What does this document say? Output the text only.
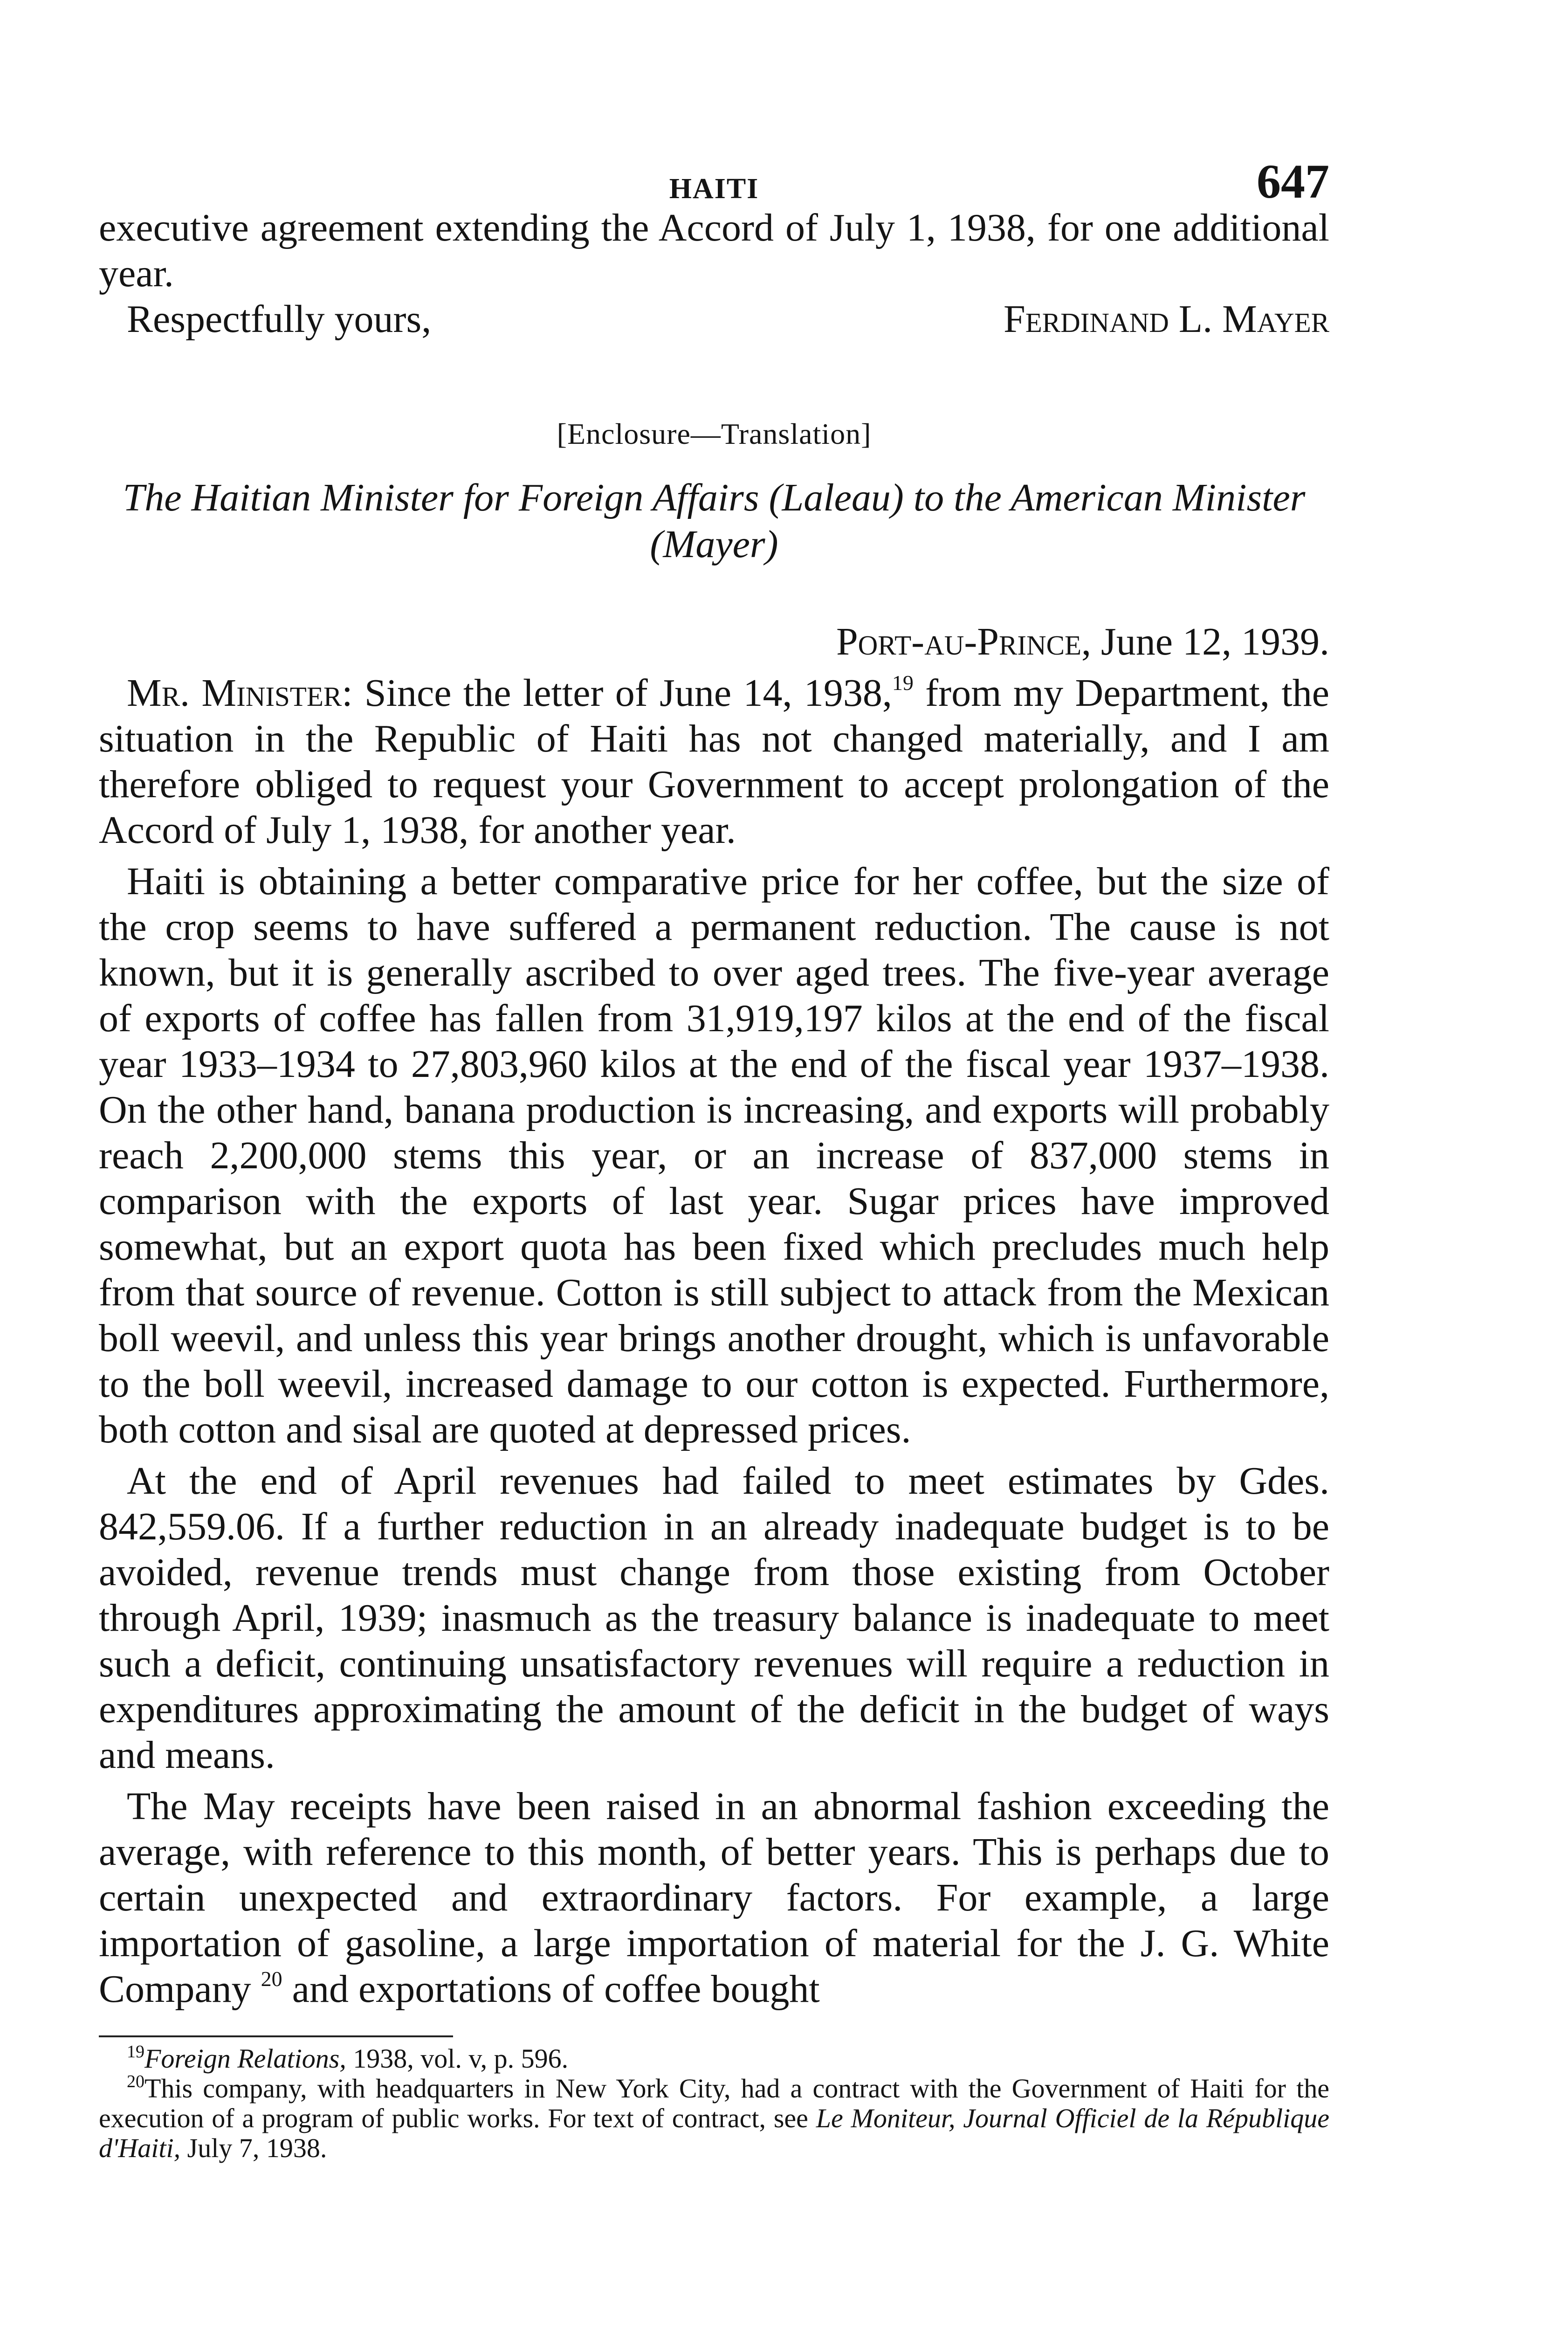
HAITI	647

executive agreement extending the Accord of July 1, 1938, for one additional year.

Respectfully yours,	Ferdinand L. Mayer
[Enclosure—Translation]
The Haitian Minister for Foreign Affairs (Laleau) to the American Minister (Mayer)
Port-au-Prince, June 12, 1939.

Mr. Minister: Since the letter of June 14, 1938,19 from my Department, the situation in the Republic of Haiti has not changed materially, and I am therefore obliged to request your Government to accept prolongation of the Accord of July 1, 1938, for another year.

Haiti is obtaining a better comparative price for her coffee, but the size of the crop seems to have suffered a permanent reduction. The cause is not known, but it is generally ascribed to over aged trees. The five-year average of exports of coffee has fallen from 31,919,197 kilos at the end of the fiscal year 1933–1934 to 27,803,960 kilos at the end of the fiscal year 1937–1938. On the other hand, banana production is increasing, and exports will probably reach 2,200,000 stems this year, or an increase of 837,000 stems in comparison with the exports of last year. Sugar prices have improved somewhat, but an export quota has been fixed which precludes much help from that source of revenue. Cotton is still subject to attack from the Mexican boll weevil, and unless this year brings another drought, which is unfavorable to the boll weevil, increased damage to our cotton is expected. Furthermore, both cotton and sisal are quoted at depressed prices.

At the end of April revenues had failed to meet estimates by Gdes. 842,559.06. If a further reduction in an already inadequate budget is to be avoided, revenue trends must change from those existing from October through April, 1939; inasmuch as the treasury balance is inadequate to meet such a deficit, continuing unsatisfactory revenues will require a reduction in expenditures approximating the amount of the deficit in the budget of ways and means.

The May receipts have been raised in an abnormal fashion exceeding the average, with reference to this month, of better years. This is perhaps due to certain unexpected and extraordinary factors. For example, a large importation of gasoline, a large importation of material for the J. G. White Company $^{20}$ and exportations of coffee bought

$^{19}$Foreign Relations, 1938, vol. v, p. 596.

$^{20}$This company, with headquarters in New York City, had a contract with the Government of Haiti for the execution of a program of public works. For text of contract, see Le Moniteur, Journal Officiel de la République d'Haiti, July 7, 1938.
